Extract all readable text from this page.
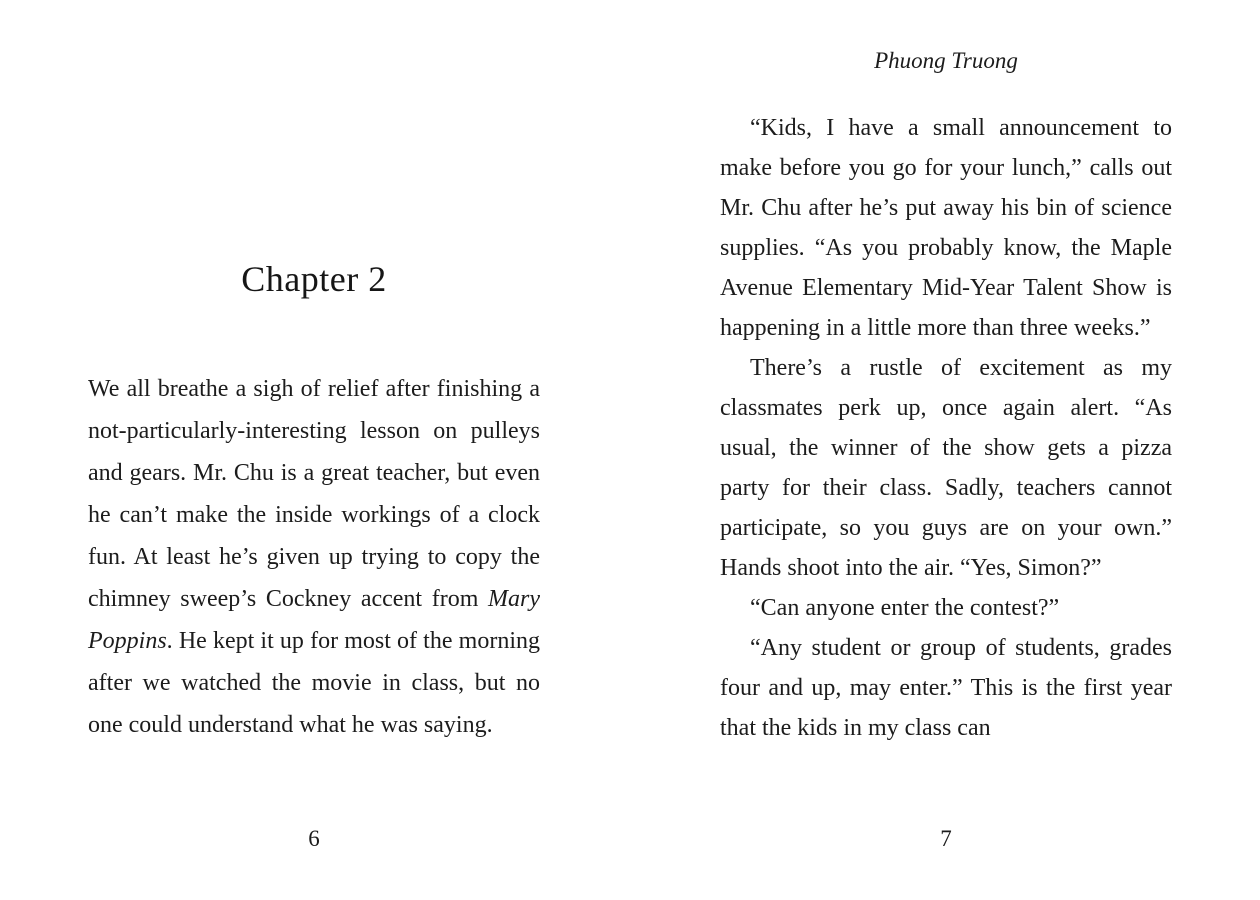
Chapter 2

We all breathe a sigh of relief after finishing a not-particularly-interesting lesson on pulleys and gears. Mr. Chu is a great teacher, but even he can’t make the inside workings of a clock fun. At least he’s given up trying to copy the chimney sweep’s Cockney accent from Mary Poppins. He kept it up for most of the morning after we watched the movie in class, but no one could understand what he was saying.

6
Phuong Truong

“Kids, I have a small announcement to make before you go for your lunch,” calls out Mr. Chu after he’s put away his bin of science supplies. “As you probably know, the Maple Avenue Elementary Mid-Year Talent Show is happening in a little more than three weeks.”

There’s a rustle of excitement as my classmates perk up, once again alert. “As usual, the winner of the show gets a pizza party for their class. Sadly, teachers cannot participate, so you guys are on your own.” Hands shoot into the air. “Yes, Simon?”

“Can anyone enter the contest?”

“Any student or group of students, grades four and up, may enter.” This is the first year that the kids in my class can

7
